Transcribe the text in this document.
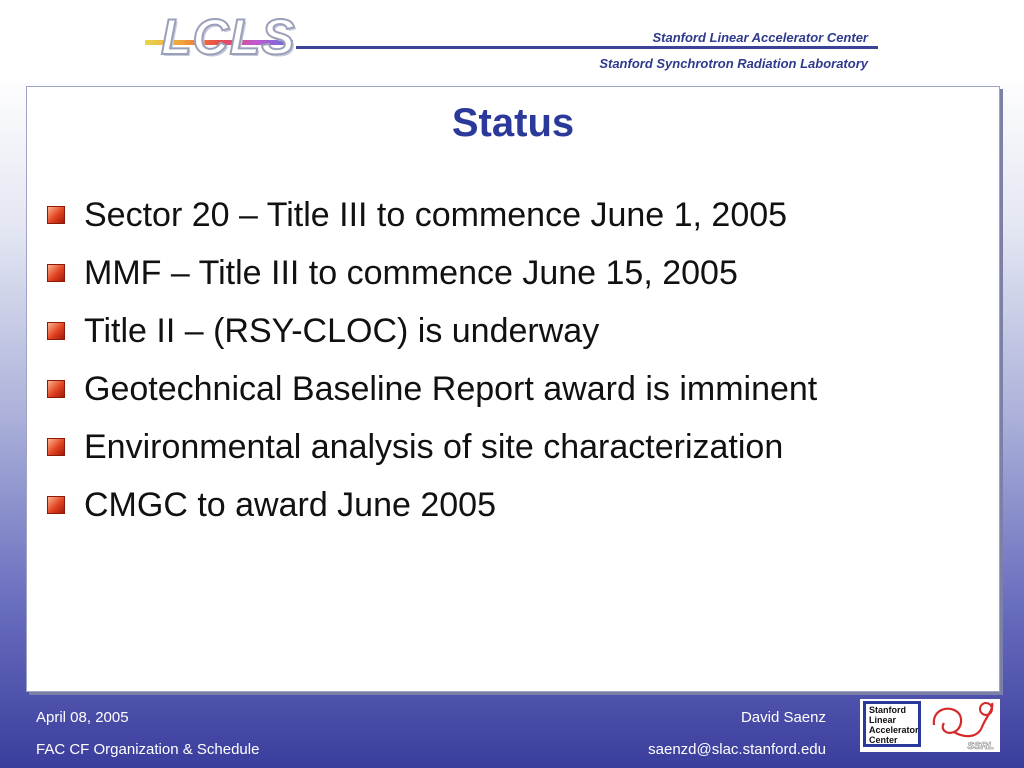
LCLS	Stanford Linear Accelerator Center
Stanford Synchrotron Radiation Laboratory
Status
Sector 20 – Title III to commence June 1, 2005
MMF – Title III to commence June 15, 2005
Title II – (RSY-CLOC) is underway
Geotechnical Baseline Report award is imminent
Environmental analysis of site characterization
CMGC to award June 2005
April 08, 2005
FAC CF Organization & Schedule
David Saenz
saenzd@slac.stanford.edu
Stanford
Linear
Accelerator
Center
SSRL
